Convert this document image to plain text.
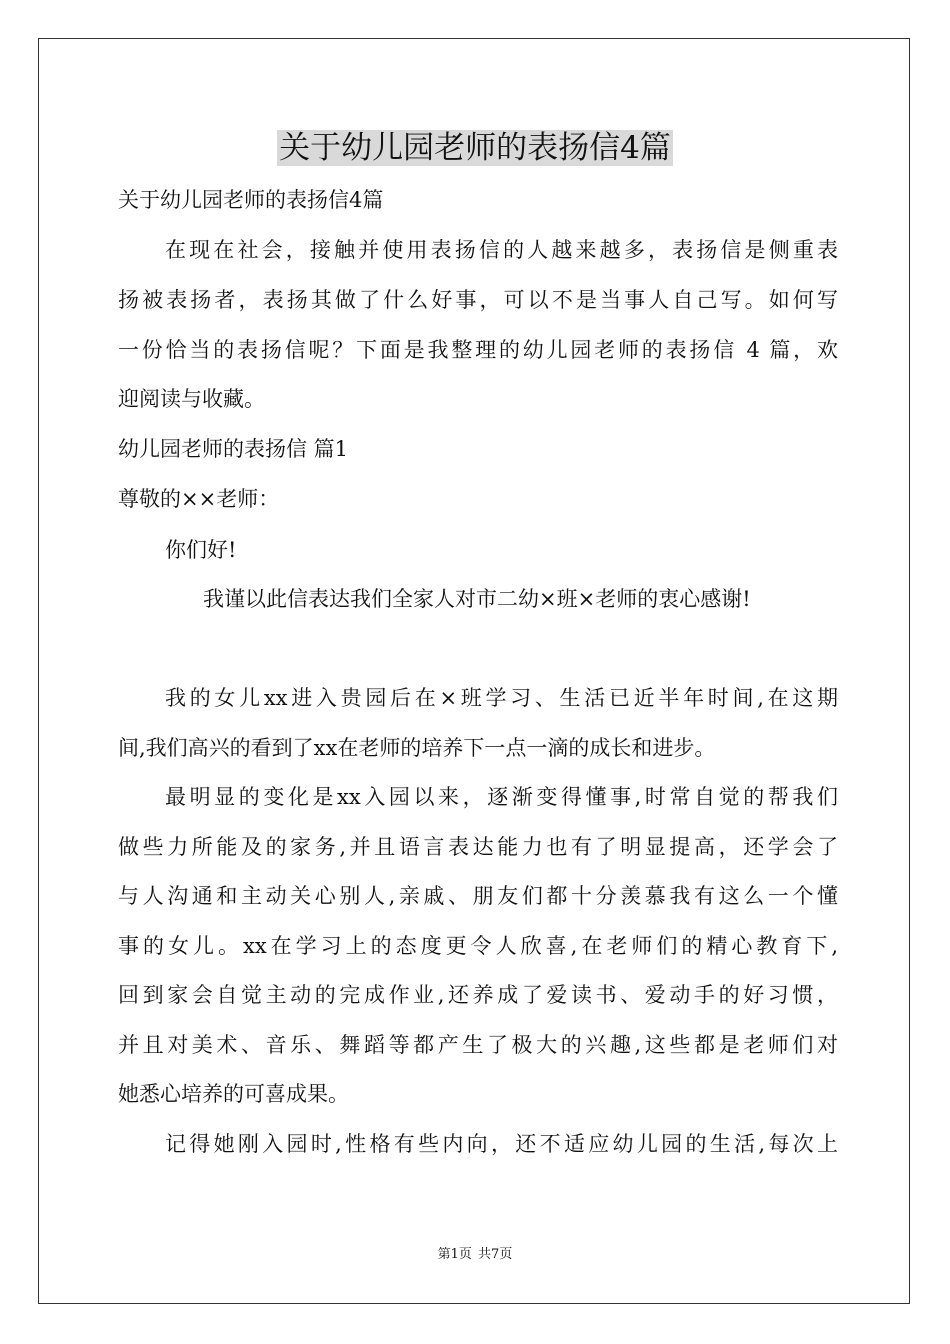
关于幼儿园老师的表扬信4篇
关于幼儿园老师的表扬信4篇
在现在社会，接触并使用表扬信的人越来越多，表扬信是侧重表
扬被表扬者，表扬其做了什么好事，可以不是当事人自己写。如何写
一份恰当的表扬信呢？下面是我整理的幼儿园老师的表扬信 4 篇，欢
迎阅读与收藏。
幼儿园老师的表扬信 篇1
尊敬的××老师：
你们好!
我谨以此信表达我们全家人对市二幼×班×老师的衷心感谢!
我的女儿xx进入贵园后在×班学习、生活已近半年时间,在这期
间,我们高兴的看到了xx在老师的培养下一点一滴的成长和进步。
最明显的变化是xx入园以来，逐渐变得懂事,时常自觉的帮我们
做些力所能及的家务,并且语言表达能力也有了明显提高，还学会了
与人沟通和主动关心别人,亲戚、朋友们都十分羡慕我有这么一个懂
事的女儿。xx在学习上的态度更令人欣喜,在老师们的精心教育下,
回到家会自觉主动的完成作业,还养成了爱读书、爱动手的好习惯，
并且对美术、音乐、舞蹈等都产生了极大的兴趣,这些都是老师们对
她悉心培养的可喜成果。
记得她刚入园时,性格有些内向，还不适应幼儿园的生活,每次上
第1页 共7页
